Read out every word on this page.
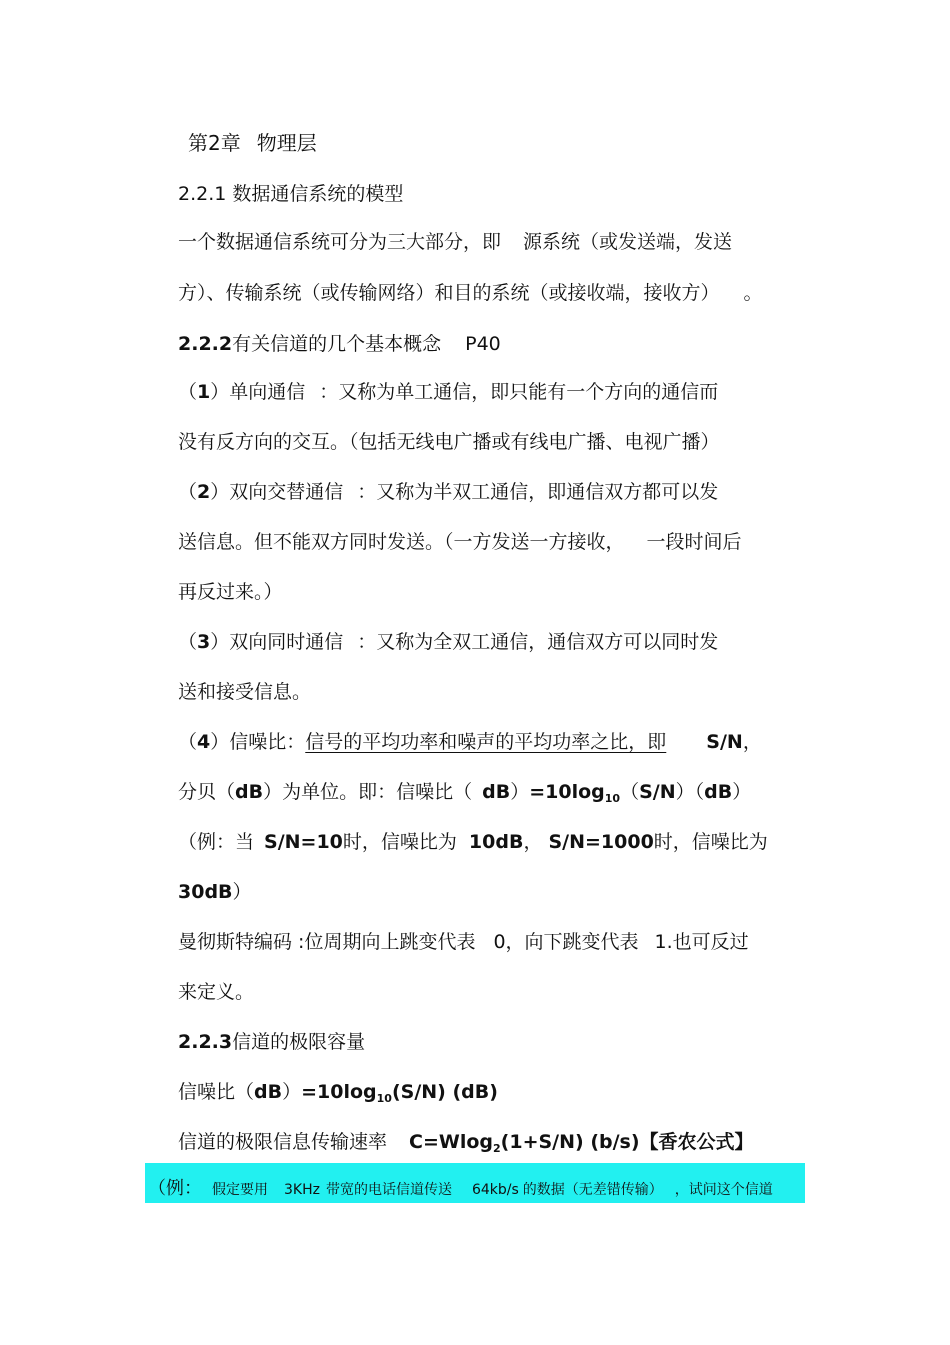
第2章 物理层
2.2.1 数据通信系统的模型
一个数据通信系统可分为三大部分，即 源系统（或发送端，发送
方）、传输系统（或传输网络）和目的系统（或接收端，接收方） 。
2.2.2有关信道的几个基本概念 P40
（1）单向通信 ：又称为单工通信，即只能有一个方向的通信而
没有反方向的交互。（包括无线电广播或有线电广播、电视广播）
（2）双向交替通信 ：又称为半双工通信，即通信双方都可以发
送信息。但不能双方同时发送。（一方发送一方接收， 一段时间后
再反过来。）
（3）双向同时通信 ：又称为全双工通信，通信双方可以同时发
送和接受信息。
（4）信噪比：信号的平均功率和噪声的平均功率之比，即 S/N，
分贝（dB）为单位。即：信噪比（ $dB)=10\log_{10}(S/N)(dB)$
（例：当 S/N=10时，信噪比为 10dB， S/N=1000时，信噪比为
30dB）
曼彻斯特编码 :位周期向上跳变代表 0，向下跳变代表 1.也可反过
来定义。
2.2.3信道的极限容量
信噪比$(dB)=10\log_{10}(S/N)$ (dB)
信道的极限信息传输速率 C=Wlog$_2$(1+S/N) (b/s)【香农公式】
（例： 假定要用 3KHz 带宽的电话信道传送 64kb/s 的数据（无差错传输） ，试问这个信道
